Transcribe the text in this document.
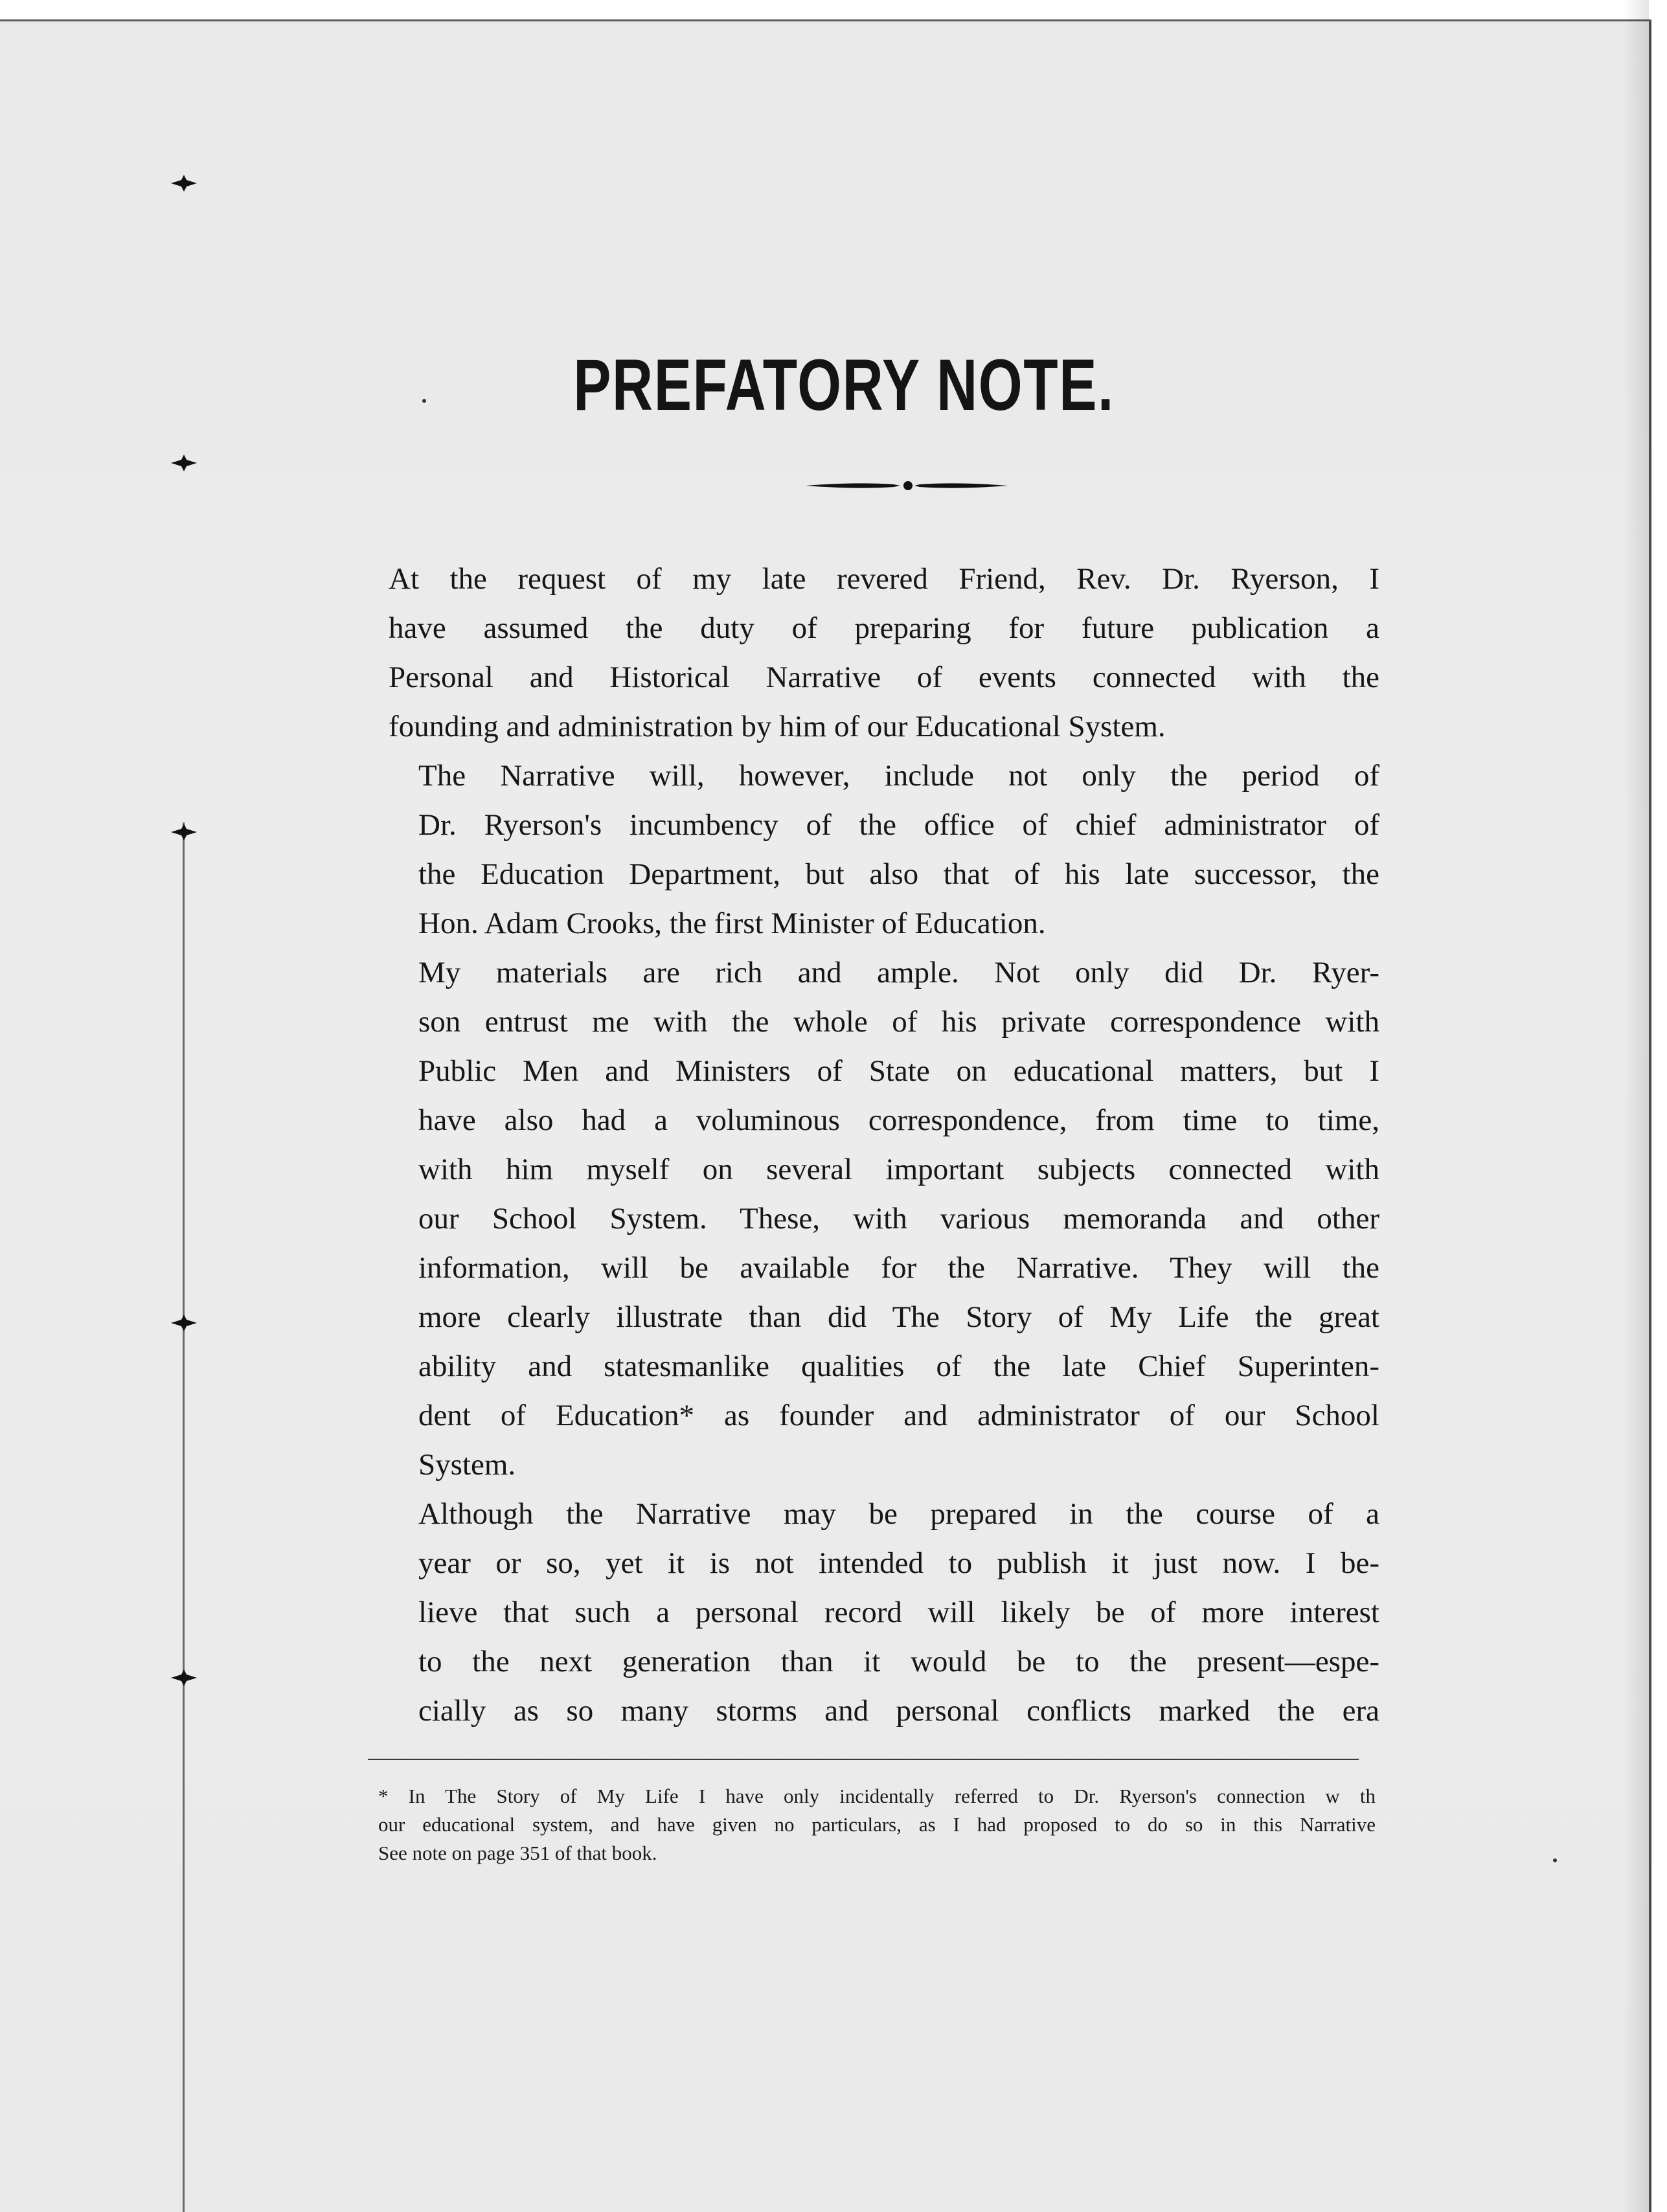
PREFATORY NOTE.

At the request of my late revered Friend, Rev. Dr. Ryerson, I
have assumed the duty of preparing for future publication a
Personal and Historical Narrative of events connected with the
founding and administration by him of our Educational System.

The Narrative will, however, include not only the period of
Dr. Ryerson's incumbency of the office of chief administrator of
the Education Department, but also that of his late successor, the
Hon. Adam Crooks, the first Minister of Education.

My materials are rich and ample. Not only did Dr. Ryer-
son entrust me with the whole of his private correspondence with
Public Men and Ministers of State on educational matters, but I
have also had a voluminous correspondence, from time to time,
with him myself on several important subjects connected with
our School System. These, with various memoranda and other
information, will be available for the Narrative. They will the
more clearly illustrate than did The Story of My Life the great
ability and statesmanlike qualities of the late Chief Superinten-
dent of Education* as founder and administrator of our School
System.

Although the Narrative may be prepared in the course of a
year or so, yet it is not intended to publish it just now. I be-
lieve that such a personal record will likely be of more interest
to the next generation than it would be to the present—espe-
cially as so many storms and personal conflicts marked the era

* In The Story of My Life I have only incidentally referred to Dr. Ryerson's connection w th
our educational system, and have given no particulars, as I had proposed to do so in this Narrative
See note on page 351 of that book.
